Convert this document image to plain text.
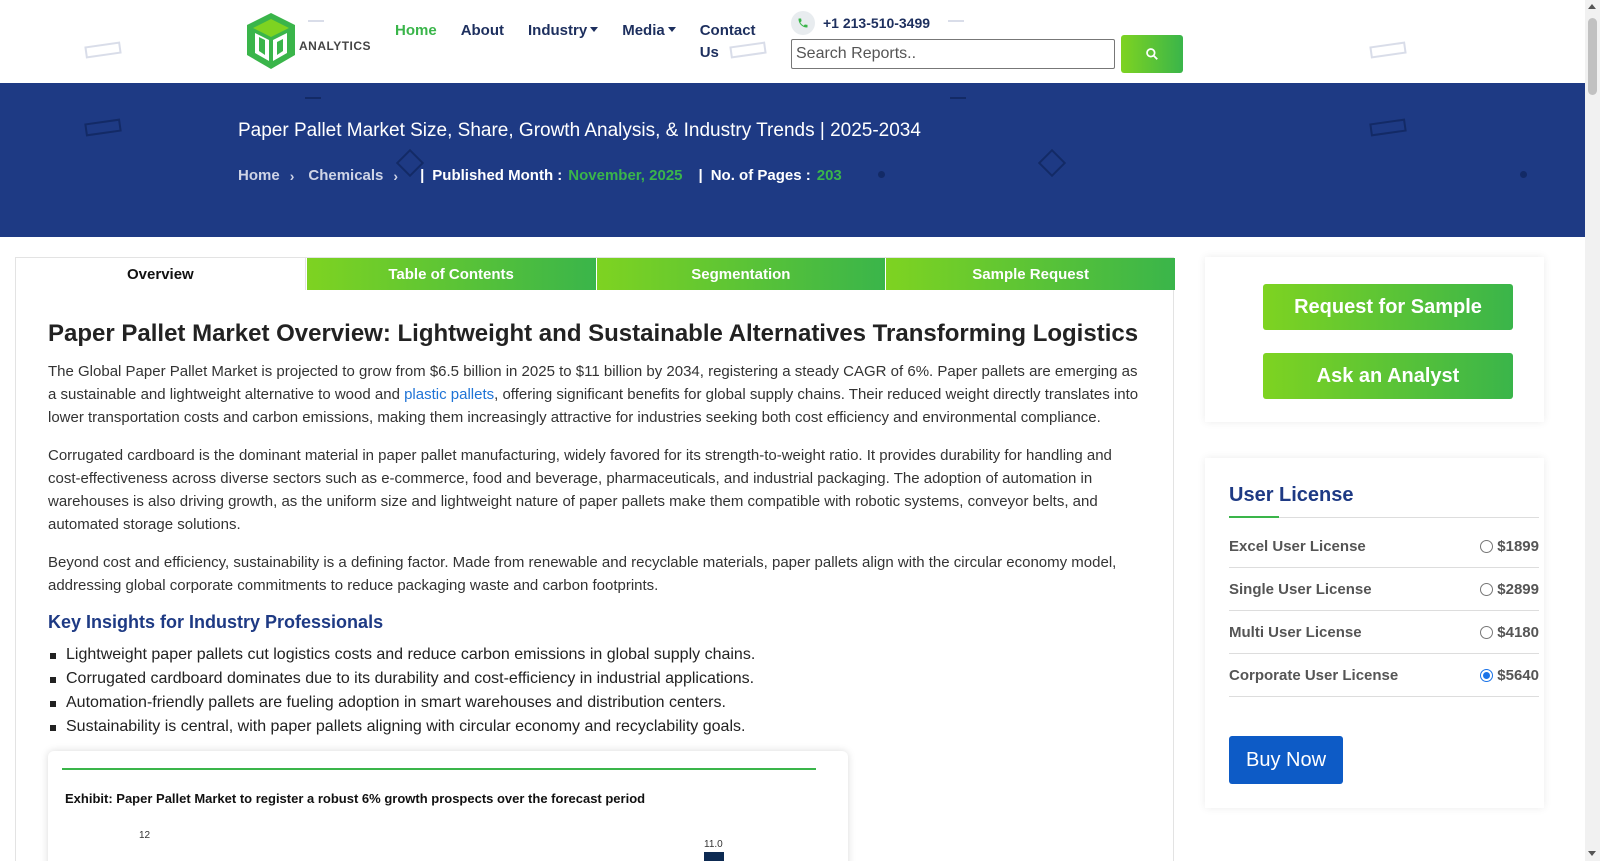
ANALYTICS
Home About Industry	Media	Contact
Us
+1 213-510-3499
Search Reports..
Paper Pallet Market Size, Share, Growth Analysis, & Industry Trends | 2025-2034
Home › Chemicals › | Published Month : November, 2025 | No. of Pages : 203
Overview	Table of Contents	Segmentation	Sample Request
Paper Pallet Market Overview: Lightweight and Sustainable Alternatives Transforming Logistics

The Global Paper Pallet Market is projected to grow from $6.5 billion in 2025 to $11 billion by 2034, registering a steady CAGR of 6%. Paper pallets are emerging as a sustainable and lightweight alternative to wood and plastic pallets, offering significant benefits for global supply chains. Their reduced weight directly translates into lower transportation costs and carbon emissions, making them increasingly attractive for industries seeking both cost efficiency and environmental compliance.

Corrugated cardboard is the dominant material in paper pallet manufacturing, widely favored for its strength-to-weight ratio. It provides durability for handling and cost-effectiveness across diverse sectors such as e-commerce, food and beverage, pharmaceuticals, and industrial packaging. The adoption of automation in warehouses is also driving growth, as the uniform size and lightweight nature of paper pallets make them compatible with robotic systems, conveyor belts, and automated storage solutions.

Beyond cost and efficiency, sustainability is a defining factor. Made from renewable and recyclable materials, paper pallets align with the circular economy model, addressing global corporate commitments to reduce packaging waste and carbon footprints.

Key Insights for Industry Professionals
Lightweight paper pallets cut logistics costs and reduce carbon emissions in global supply chains.
Corrugated cardboard dominates due to its durability and cost-efficiency in industrial applications.
Automation-friendly pallets are fueling adoption in smart warehouses and distribution centers.
Sustainability is central, with paper pallets aligning with circular economy and recyclability goals.
Exhibit: Paper Pallet Market to register a robust 6% growth prospects over the forecast period
12
11.0
Request for Sample
Ask an Analyst
User License
Excel User License	$1899
Single User License	$2899
Multi User License	$4180
Corporate User License	$5640
Buy Now
